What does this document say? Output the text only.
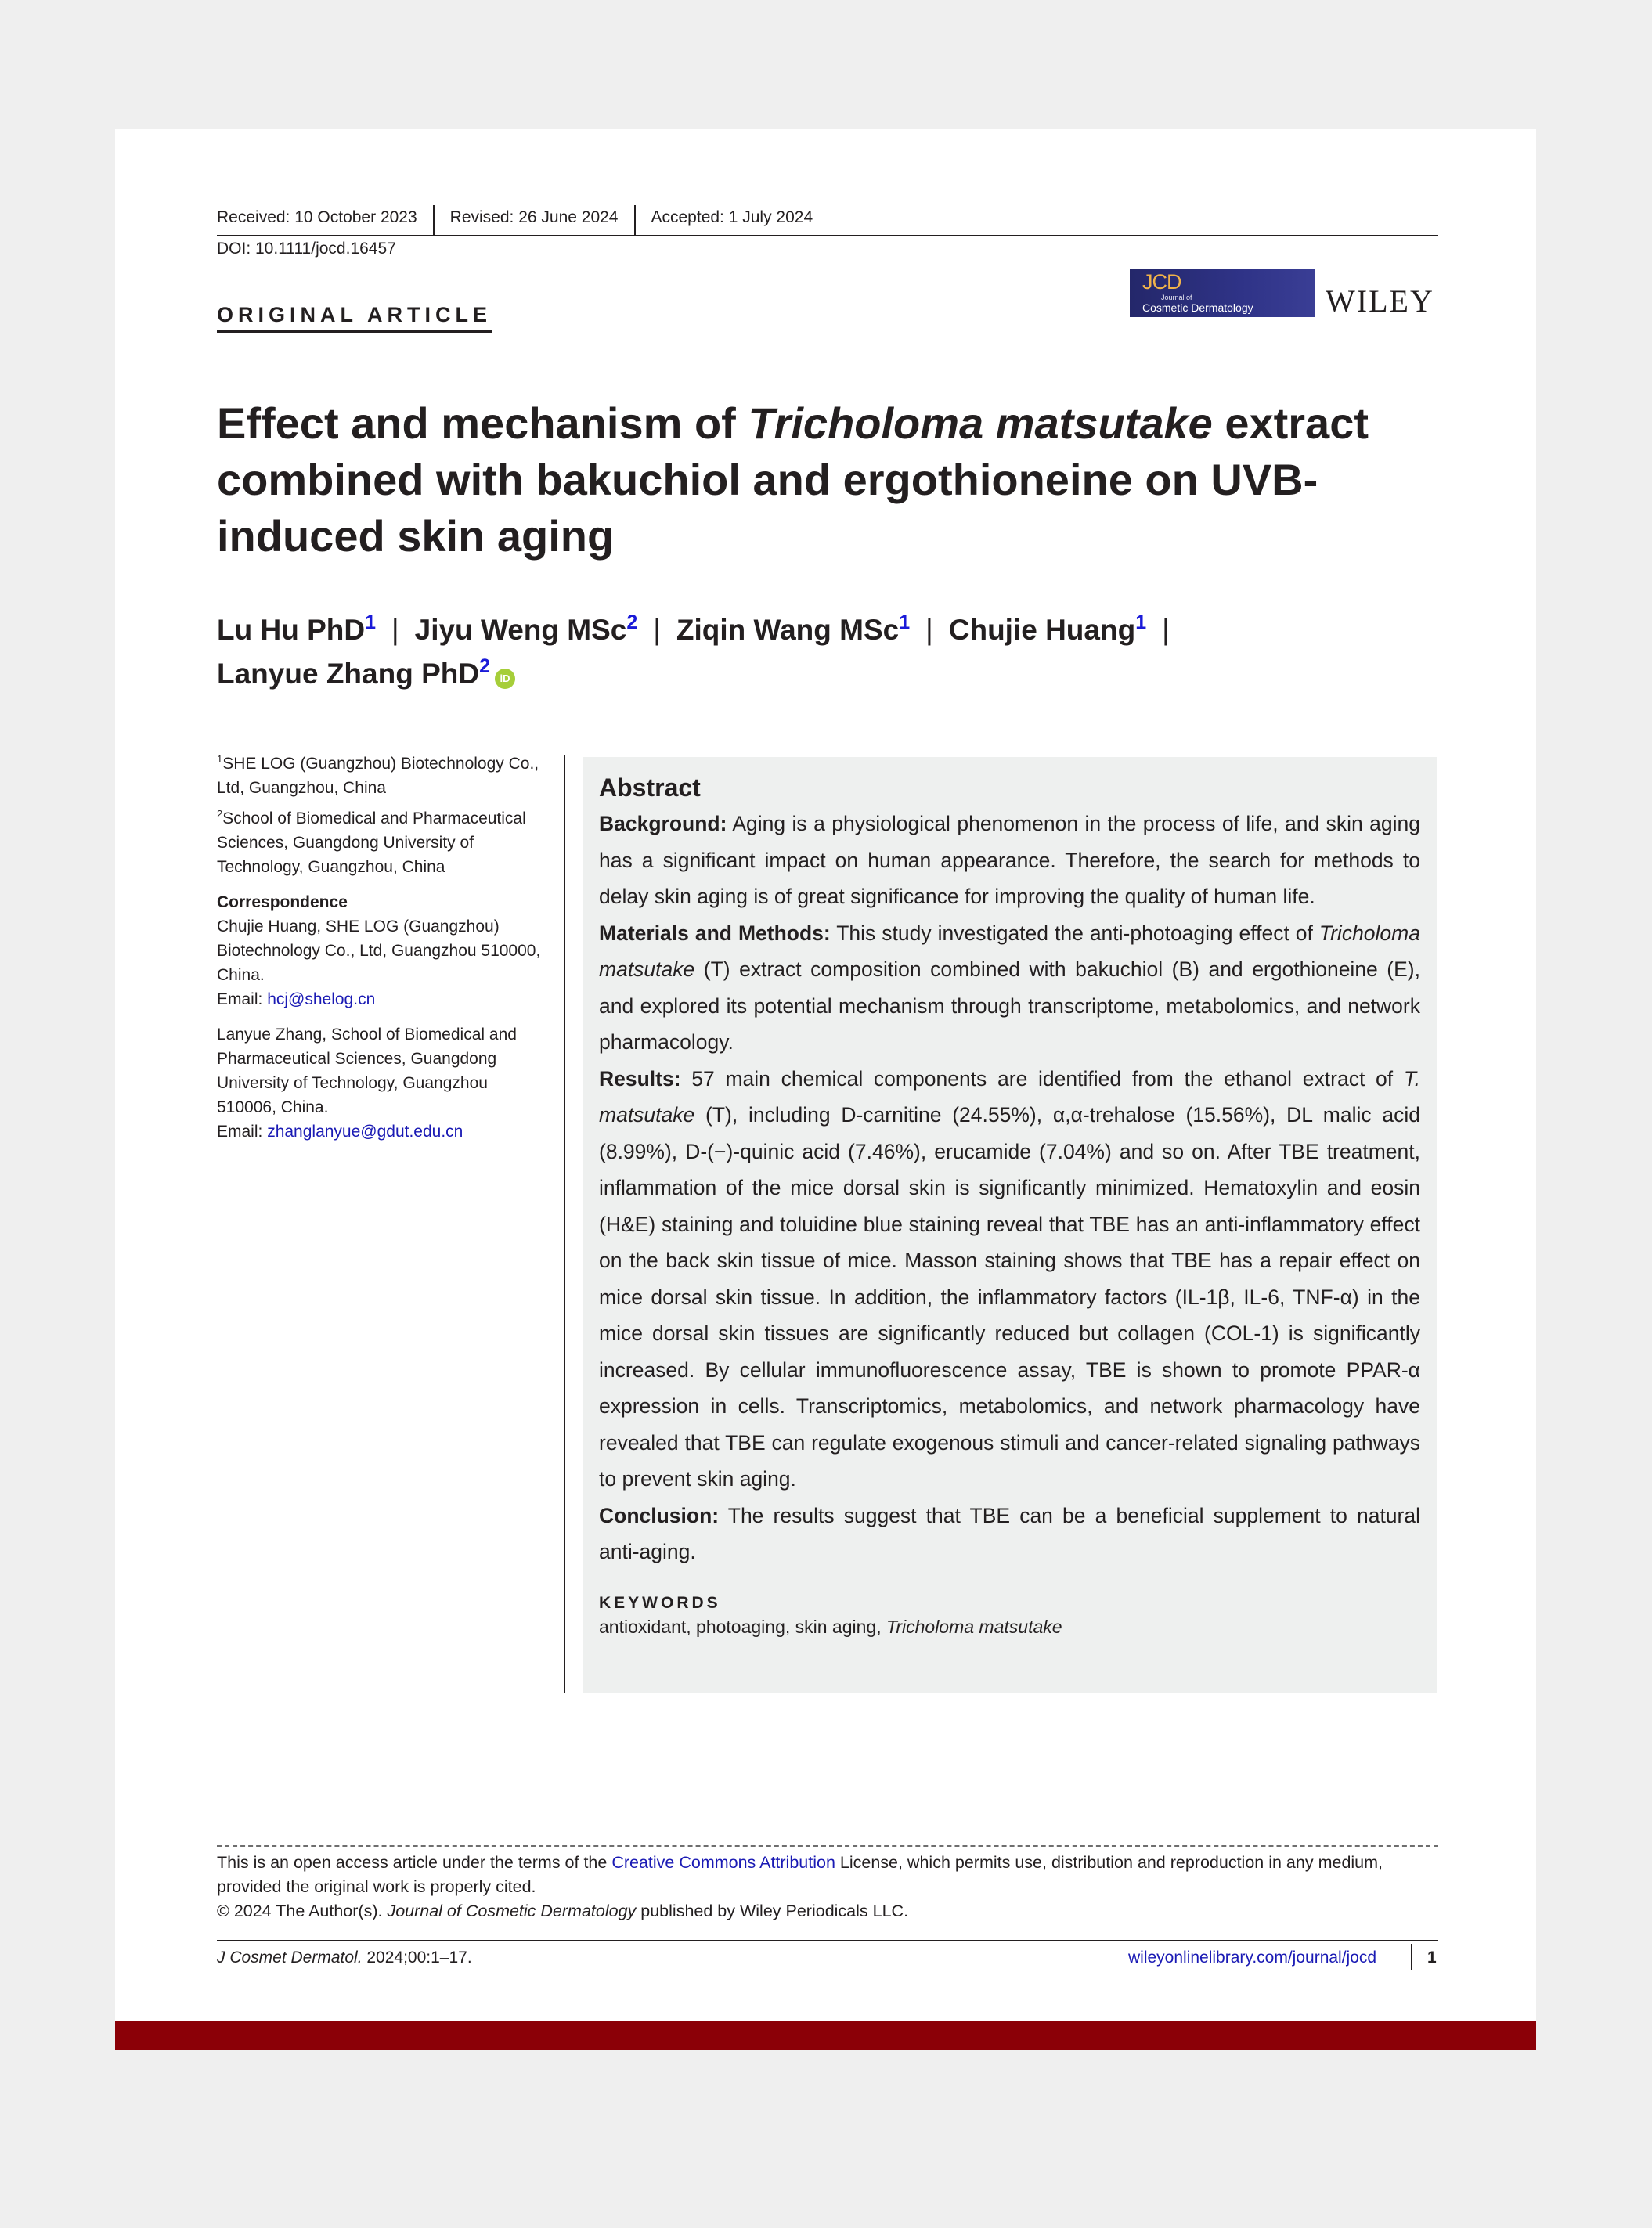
Received: 10 October 2023	Revised: 26 June 2024	Accepted: 1 July 2024
DOI: 10.1111/jocd.16457
ORIGINAL ARTICLE
JCD
Journal of
Cosmetic Dermatology WILEY
Effect and mechanism of Tricholoma matsutake extract combined with bakuchiol and ergothioneine on UVB-induced skin aging
Lu Hu PhD$^1$ | Jiyu Weng MSc$^2$ | Ziqin Wang MSc$^1$ | Chujie Huang$^1$ |
Lanyue Zhang PhD$^2$iD

$^1$SHE LOG (Guangzhou) Biotechnology Co., Ltd, Guangzhou, China

$^2$School of Biomedical and Pharmaceutical Sciences, Guangdong University of Technology, Guangzhou, China

Correspondence

Chujie Huang, SHE LOG (Guangzhou) Biotechnology Co., Ltd, Guangzhou 510000, China.
Email: hcj@shelog.cn

Lanyue Zhang, School of Biomedical and Pharmaceutical Sciences, Guangdong University of Technology, Guangzhou 510006, China.
Email: zhanglanyue@gdut.edu.cn

Abstract

Background: Aging is a physiological phenomenon in the process of life, and skin aging has a significant impact on human appearance. Therefore, the search for methods to delay skin aging is of great significance for improving the quality of human life.

Materials and Methods: This study investigated the anti-photoaging effect of Tricholoma matsutake (T) extract composition combined with bakuchiol (B) and ergothioneine (E), and explored its potential mechanism through transcriptome, metabolomics, and network pharmacology.

Results: 57 main chemical components are identified from the ethanol extract of T. matsutake (T), including D-carnitine (24.55%), α,α-trehalose (15.56%), DL malic acid (8.99%), D-(−)-quinic acid (7.46%), erucamide (7.04%) and so on. After TBE treatment, inflammation of the mice dorsal skin is significantly minimized. Hematoxylin and eosin (H&E) staining and toluidine blue staining reveal that TBE has an anti-inflammatory effect on the back skin tissue of mice. Masson staining shows that TBE has a repair effect on mice dorsal skin tissue. In addition, the inflammatory factors (IL-1β, IL-6, TNF-α) in the mice dorsal skin tissues are significantly reduced but collagen (COL-1) is significantly increased. By cellular immunofluorescence assay, TBE is shown to promote PPAR-α expression in cells. Transcriptomics, metabolomics, and network pharmacology have revealed that TBE can regulate exogenous stimuli and cancer-related signaling pathways to prevent skin aging.

Conclusion: The results suggest that TBE can be a beneficial supplement to natural anti-aging.

KEYWORDS
antioxidant, photoaging, skin aging, Tricholoma matsutake

This is an open access article under the terms of the Creative Commons Attribution License, which permits use, distribution and reproduction in any medium, provided the original work is properly cited.

© 2024 The Author(s). Journal of Cosmetic Dermatology published by Wiley Periodicals LLC.

J Cosmet Dermatol. 2024;00:1–17.	wileyonlinelibrary.com/journal/jocd	1
